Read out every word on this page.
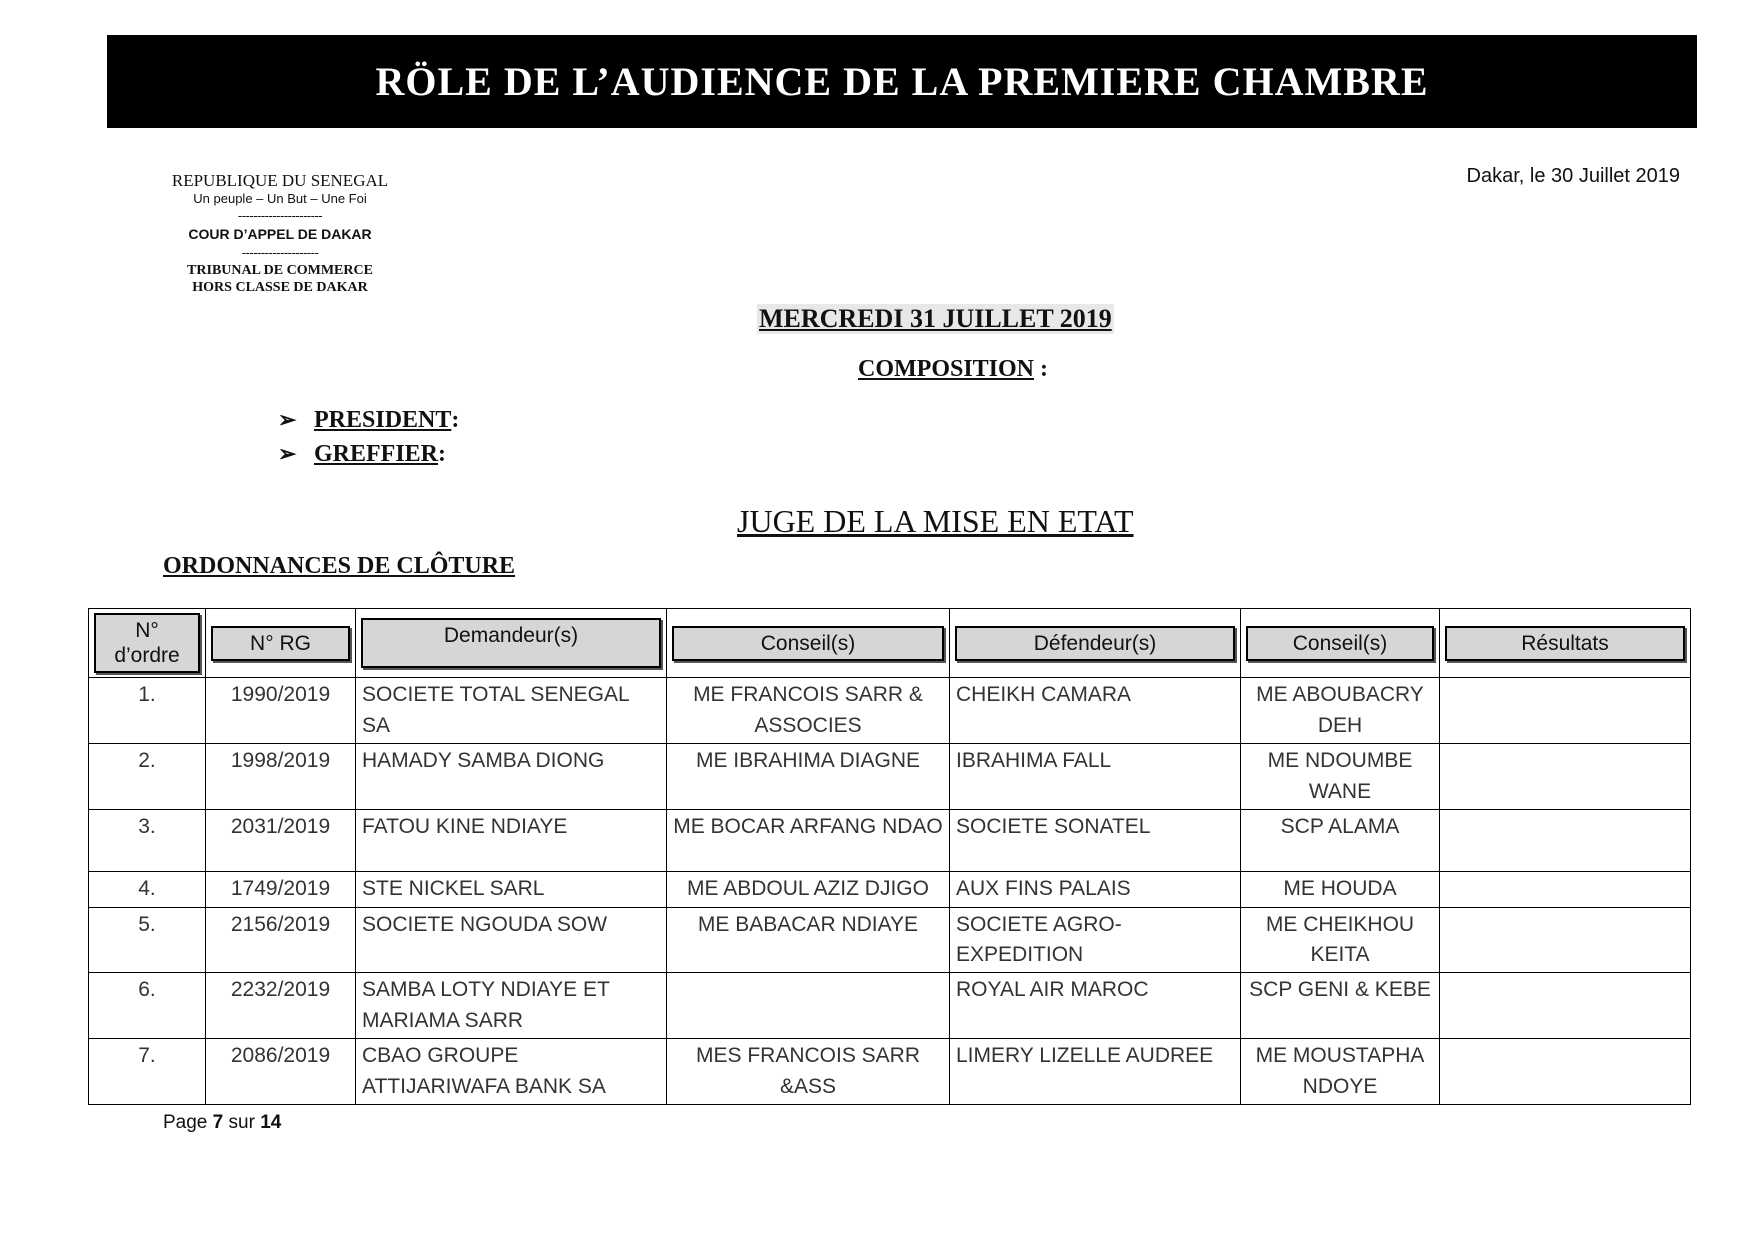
RÖLE DE L’AUDIENCE DE LA PREMIERE CHAMBRE
REPUBLIQUE DU SENEGAL
Un peuple – Un But – Une Foi
----------------------
COUR D’APPEL DE DAKAR
--------------------
TRIBUNAL DE COMMERCE
HORS CLASSE DE DAKAR
Dakar, le 30 Juillet 2019
MERCREDI 31 JUILLET 2019
COMPOSITION :
➢ PRESIDENT :
➢ GREFFIER :
JUGE DE LA MISE EN ETAT
ORDONNANCES DE CLÔTURE
N°
d’ordre	N° RG	Demandeur(s)	Conseil(s)	Défendeur(s)	Conseil(s)	Résultats

1.	1990/2019	SOCIETE TOTAL SENEGAL SA	ME FRANCOIS SARR & ASSOCIES	CHEIKH CAMARA	ME ABOUBACRY DEH	
2.	1998/2019	HAMADY SAMBA DIONG	ME IBRAHIMA DIAGNE	IBRAHIMA FALL	ME NDOUMBE WANE	
3.	2031/2019	FATOU KINE NDIAYE	ME BOCAR ARFANG NDAO	SOCIETE SONATEL	SCP ALAMA	
4.	1749/2019	STE NICKEL SARL	ME ABDOUL AZIZ DJIGO	AUX FINS PALAIS	ME HOUDA	
5.	2156/2019	SOCIETE NGOUDA SOW	ME BABACAR NDIAYE	SOCIETE AGRO-EXPEDITION	ME CHEIKHOU KEITA	
6.	2232/2019	SAMBA LOTY NDIAYE ET MARIAMA SARR		ROYAL AIR MAROC	SCP GENI & KEBE	
7.	2086/2019	CBAO GROUPE ATTIJARIWAFA BANK SA	MES FRANCOIS SARR &ASS	LIMERY LIZELLE AUDREE	ME MOUSTAPHA NDOYE	
Page 7 sur 14
